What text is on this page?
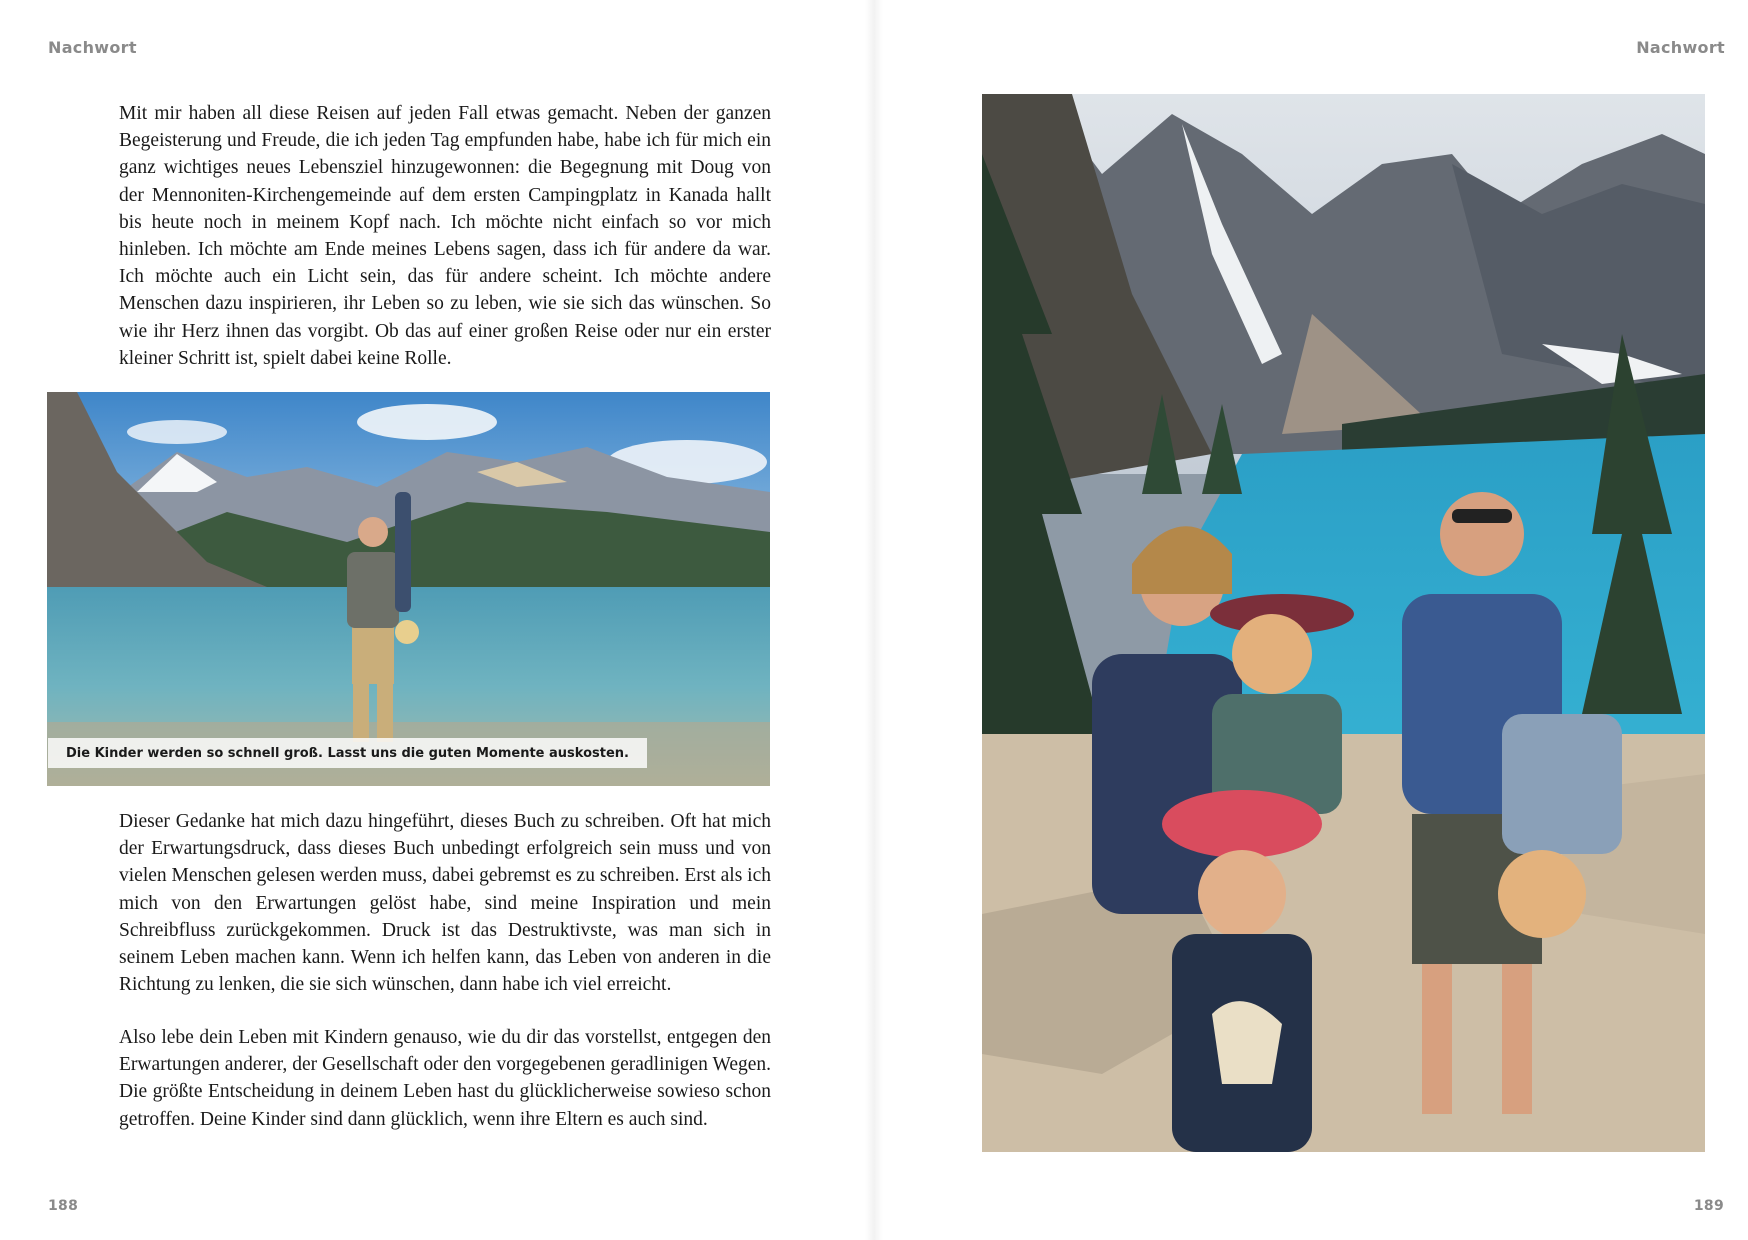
Nachwort

Mit mir haben all diese Reisen auf jeden Fall etwas gemacht. Neben der ganzen Begeisterung und Freude, die ich jeden Tag empfunden habe, habe ich für mich ein ganz wichtiges neues Lebensziel hinzugewonnen: die Begegnung mit Doug von der Mennoniten-Kirchengemeinde auf dem ersten Campingplatz in Kanada hallt bis heute noch in meinem Kopf nach. Ich möchte nicht einfach so vor mich hinleben. Ich möchte am Ende meines Lebens sagen, dass ich für andere da war. Ich möchte auch ein Licht sein, das für andere scheint. Ich möchte andere Menschen dazu inspirieren, ihr Leben so zu leben, wie sie sich das wünschen. So wie ihr Herz ihnen das vorgibt. Ob das auf einer großen Reise oder nur ein erster kleiner Schritt ist, spielt dabei keine Rolle.

Die Kinder werden so schnell groß. Lasst uns die guten Momente auskosten.

Dieser Gedanke hat mich dazu hingeführt, dieses Buch zu schreiben. Oft hat mich der Erwartungsdruck, dass dieses Buch unbedingt erfolgreich sein muss und von vielen Menschen gelesen werden muss, dabei gebremst es zu schreiben. Erst als ich mich von den Erwartungen gelöst habe, sind meine Inspiration und mein Schreibfluss zurückgekommen. Druck ist das Destruktivste, was man sich in seinem Leben machen kann. Wenn ich helfen kann, das Leben von anderen in die Richtung zu lenken, die sie sich wünschen, dann habe ich viel erreicht.

Also lebe dein Leben mit Kindern genauso, wie du dir das vorstellst, entgegen den Erwartungen anderer, der Gesellschaft oder den vorgegebenen geradlinigen Wegen. Die größte Entscheidung in deinem Leben hast du glücklicherweise sowieso schon getroffen. Deine Kinder sind dann glücklich, wenn ihre Eltern es auch sind.

188
Nachwort
189
